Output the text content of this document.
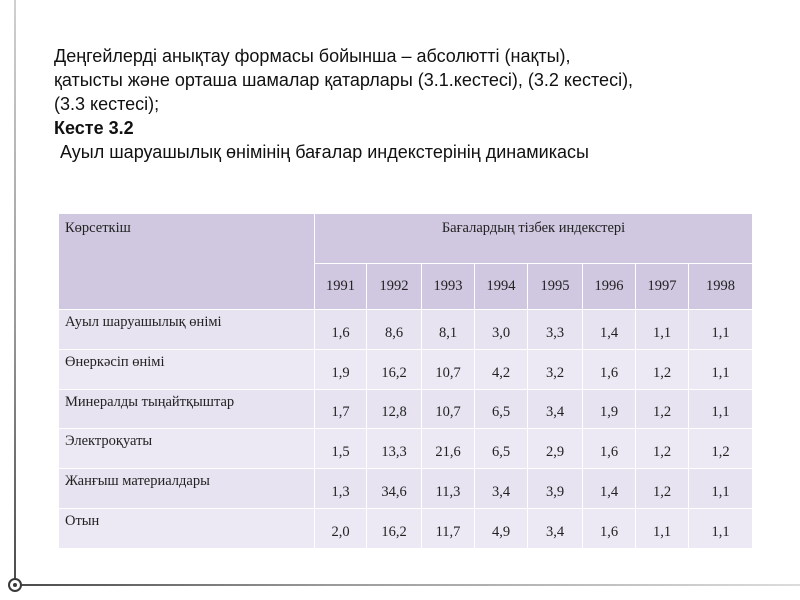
Деңгейлерді анықтау формасы бойынша – абсолютті (нақты),
қатысты және орташа шамалар қатарлары (3.1.кестесі), (3.2 кестесі),
(3.3 кестесі);
Кесте 3.2
Ауыл шаруашылық өнімінің бағалар индекстерінің динамикасы
Көрсеткіш	Бағалардың тізбек индекстері							
	1991	1992	1993	1994	1995	1996	1997	1998
Ауыл шаруашылық өнімі	1,6	8,6	8,1	3,0	3,3	1,4	1,1	1,1
Өнеркәсіп өнімі	1,9	16,2	10,7	4,2	3,2	1,6	1,2	1,1
Минералды тыңайтқыштар	1,7	12,8	10,7	6,5	3,4	1,9	1,2	1,1
Электроқуаты	1,5	13,3	21,6	6,5	2,9	1,6	1,2	1,2
Жанғыш материалдары	1,3	34,6	11,3	3,4	3,9	1,4	1,2	1,1
Отын	2,0	16,2	11,7	4,9	3,4	1,6	1,1	1,1
